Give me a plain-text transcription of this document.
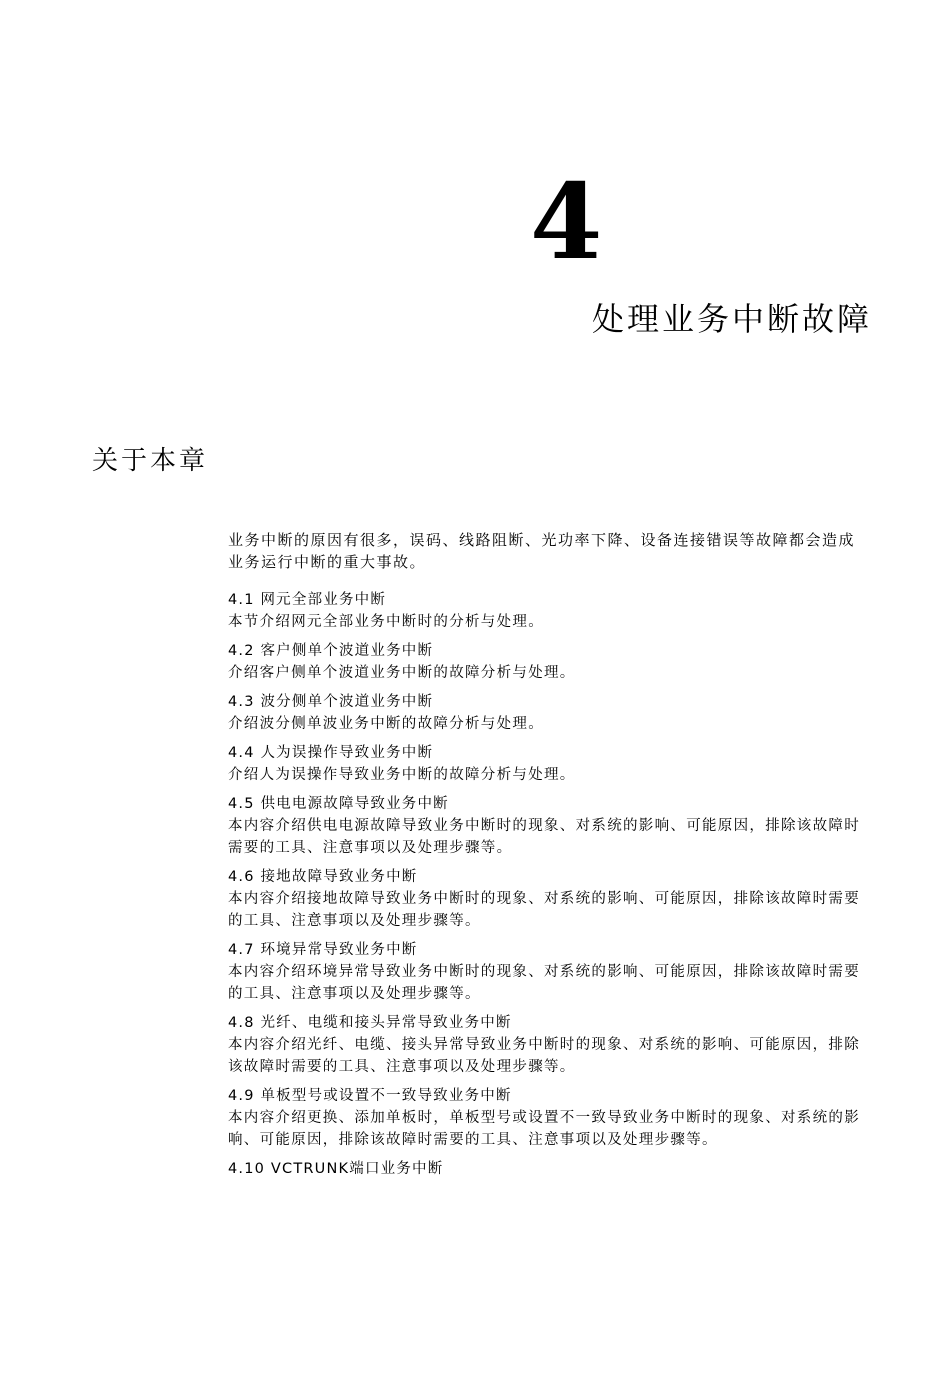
4
处理业务中断故障
关于本章

业务中断的原因有很多，误码、线路阻断、光功率下降、设备连接错误等故障都会造成业务运行中断的重大事故。

4.1 网元全部业务中断
本节介绍网元全部业务中断时的分析与处理。
4.2 客户侧单个波道业务中断
介绍客户侧单个波道业务中断的故障分析与处理。
4.3 波分侧单个波道业务中断
介绍波分侧单波业务中断的故障分析与处理。
4.4 人为误操作导致业务中断
介绍人为误操作导致业务中断的故障分析与处理。
4.5 供电电源故障导致业务中断
本内容介绍供电电源故障导致业务中断时的现象、对系统的影响、可能原因，排除该故障时需要的工具、注意事项以及处理步骤等。
4.6 接地故障导致业务中断
本内容介绍接地故障导致业务中断时的现象、对系统的影响、可能原因，排除该故障时需要的工具、注意事项以及处理步骤等。
4.7 环境异常导致业务中断
本内容介绍环境异常导致业务中断时的现象、对系统的影响、可能原因，排除该故障时需要的工具、注意事项以及处理步骤等。
4.8 光纤、电缆和接头异常导致业务中断
本内容介绍光纤、电缆、接头异常导致业务中断时的现象、对系统的影响、可能原因，排除该故障时需要的工具、注意事项以及处理步骤等。
4.9 单板型号或设置不一致导致业务中断
本内容介绍更换、添加单板时，单板型号或设置不一致导致业务中断时的现象、对系统的影响、可能原因，排除该故障时需要的工具、注意事项以及处理步骤等。
4.10 VCTRUNK端口业务中断
